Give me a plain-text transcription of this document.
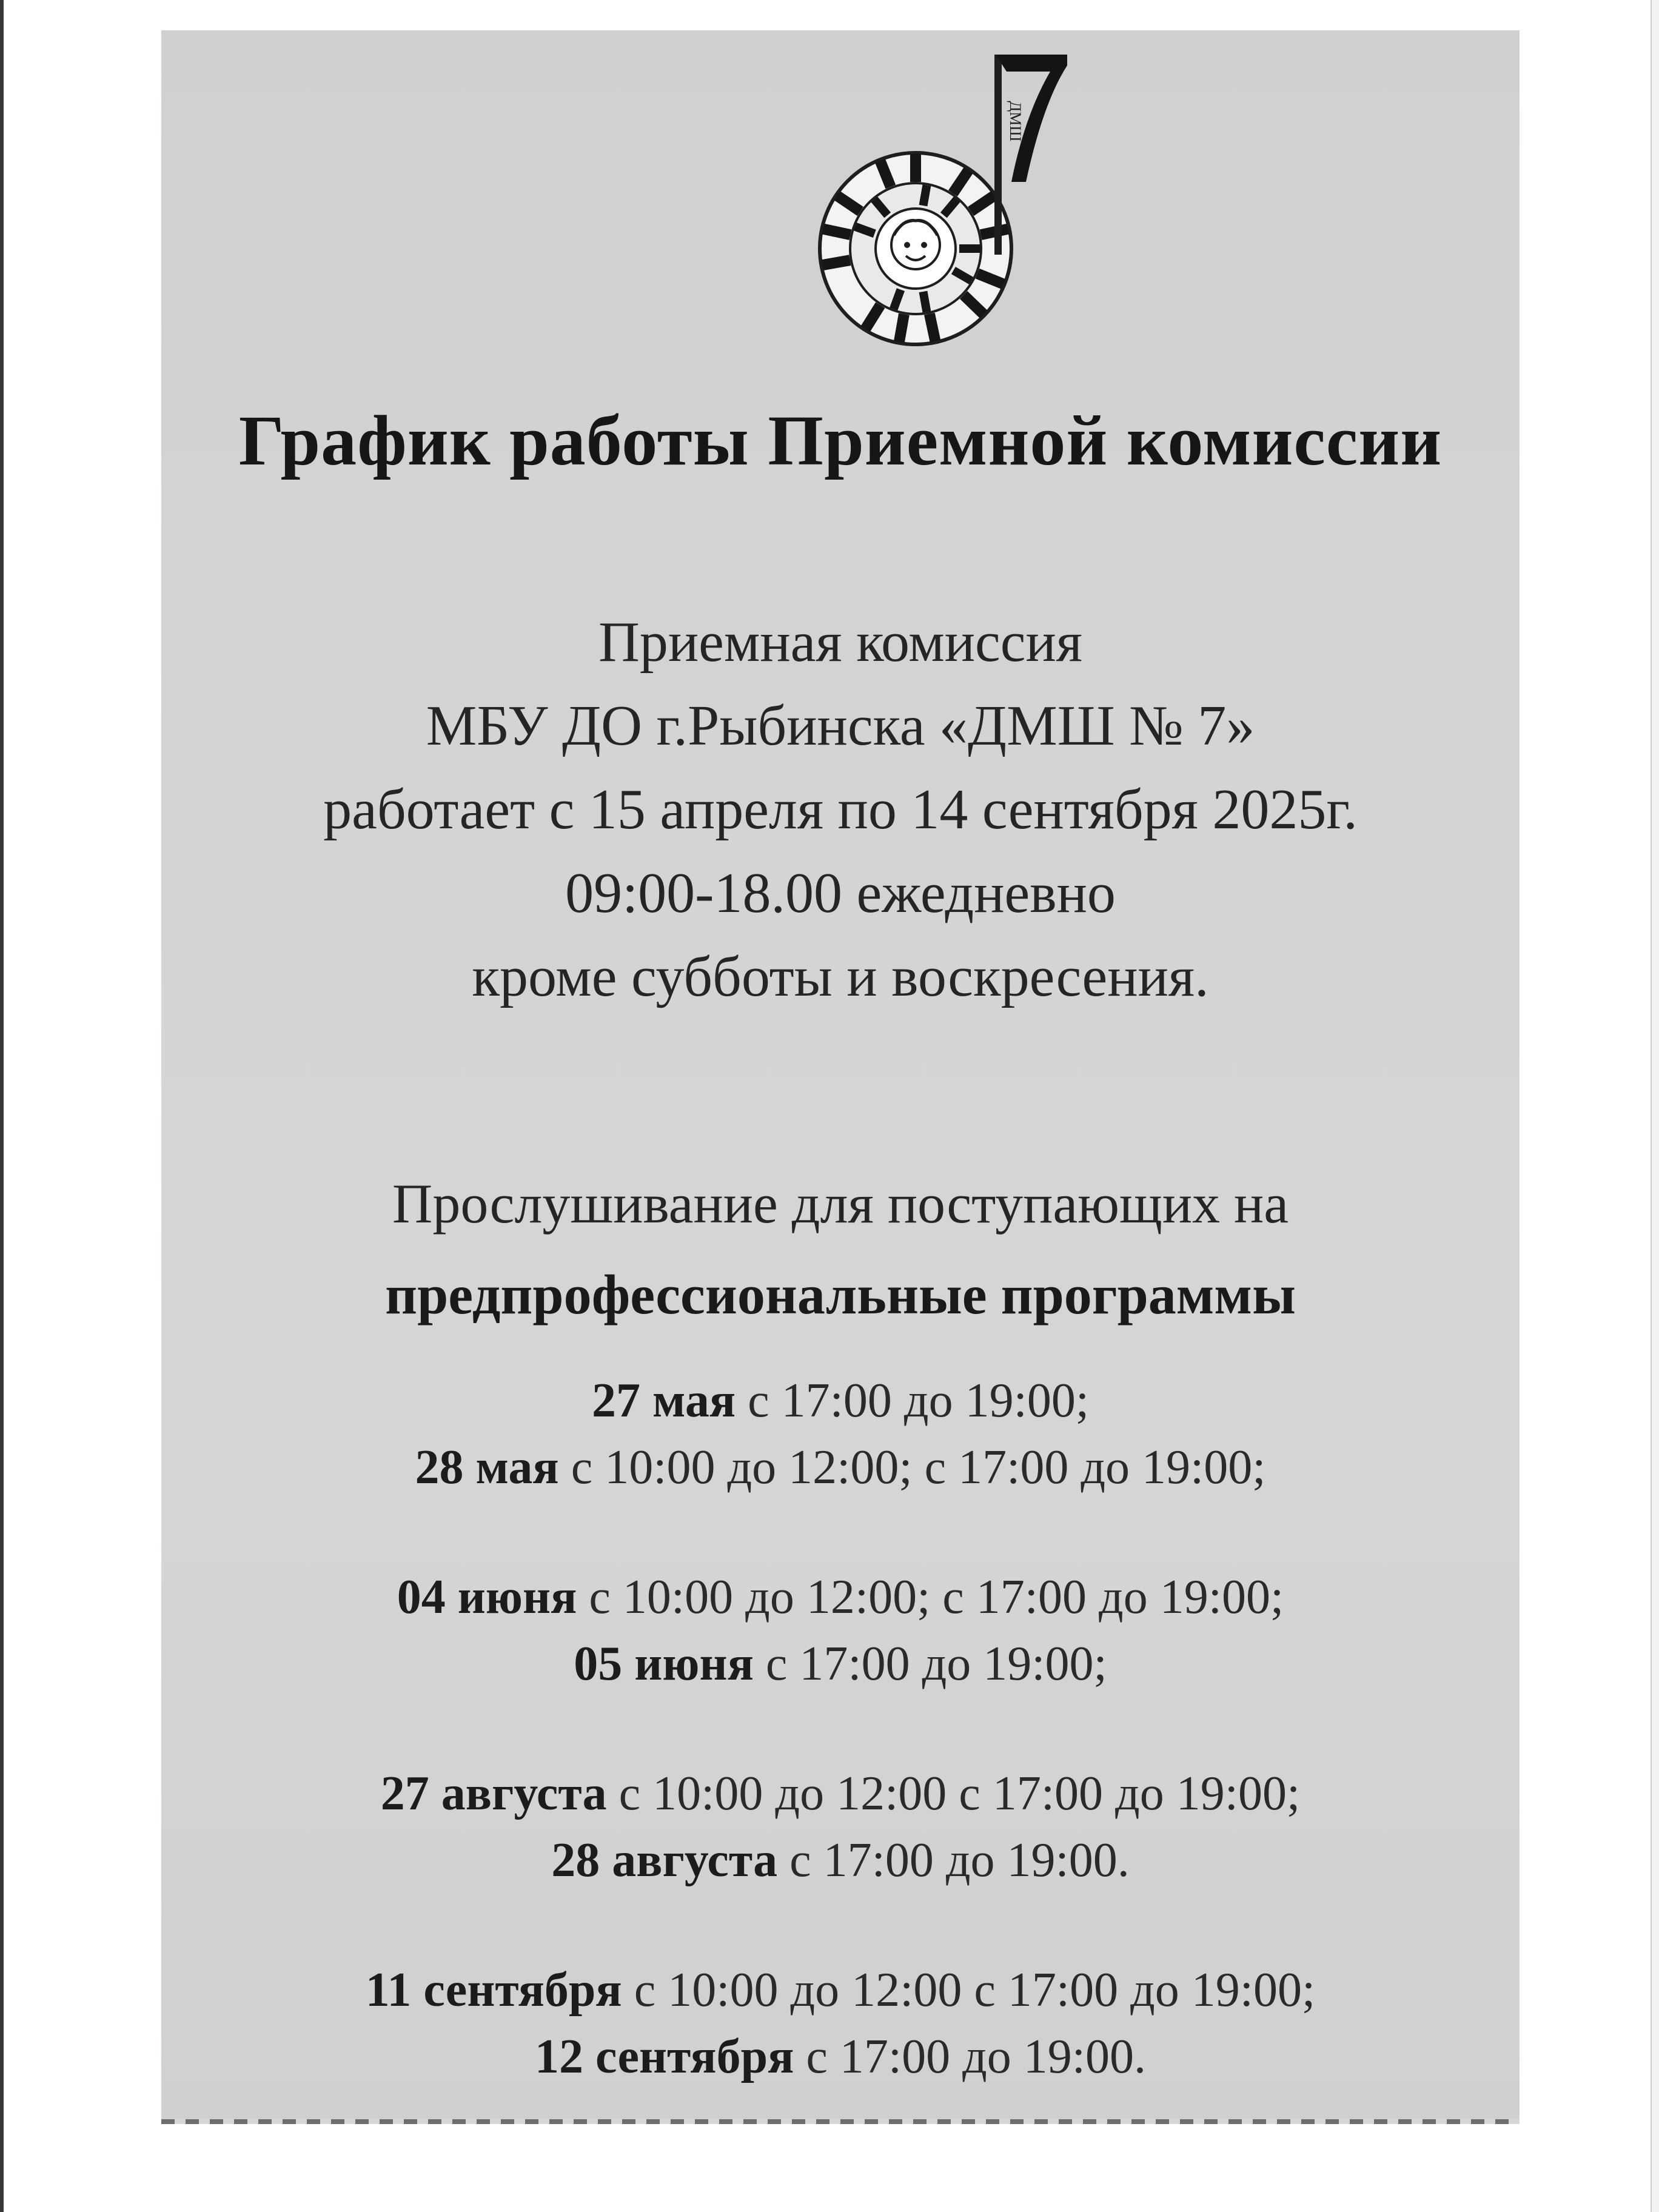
ДМШ
График работы Приемной комиссии
Приемная комиссия
МБУ ДО г.Рыбинска «ДМШ № 7»
работает с 15 апреля по 14 сентября 2025г.
09:00-18.00 ежедневно
кроме субботы и воскресения.
Прослушивание для поступающих на
предпрофессиональные программы
27 мая с 17:00 до 19:00;
28 мая с 10:00 до 12:00; с 17:00 до 19:00;
04 июня с 10:00 до 12:00; с 17:00 до 19:00;
05 июня с 17:00 до 19:00;
27 августа с 10:00 до 12:00 с 17:00 до 19:00;
28 августа с 17:00 до 19:00.
11 сентября с 10:00 до 12:00 с 17:00 до 19:00;
12 сентября с 17:00 до 19:00.
